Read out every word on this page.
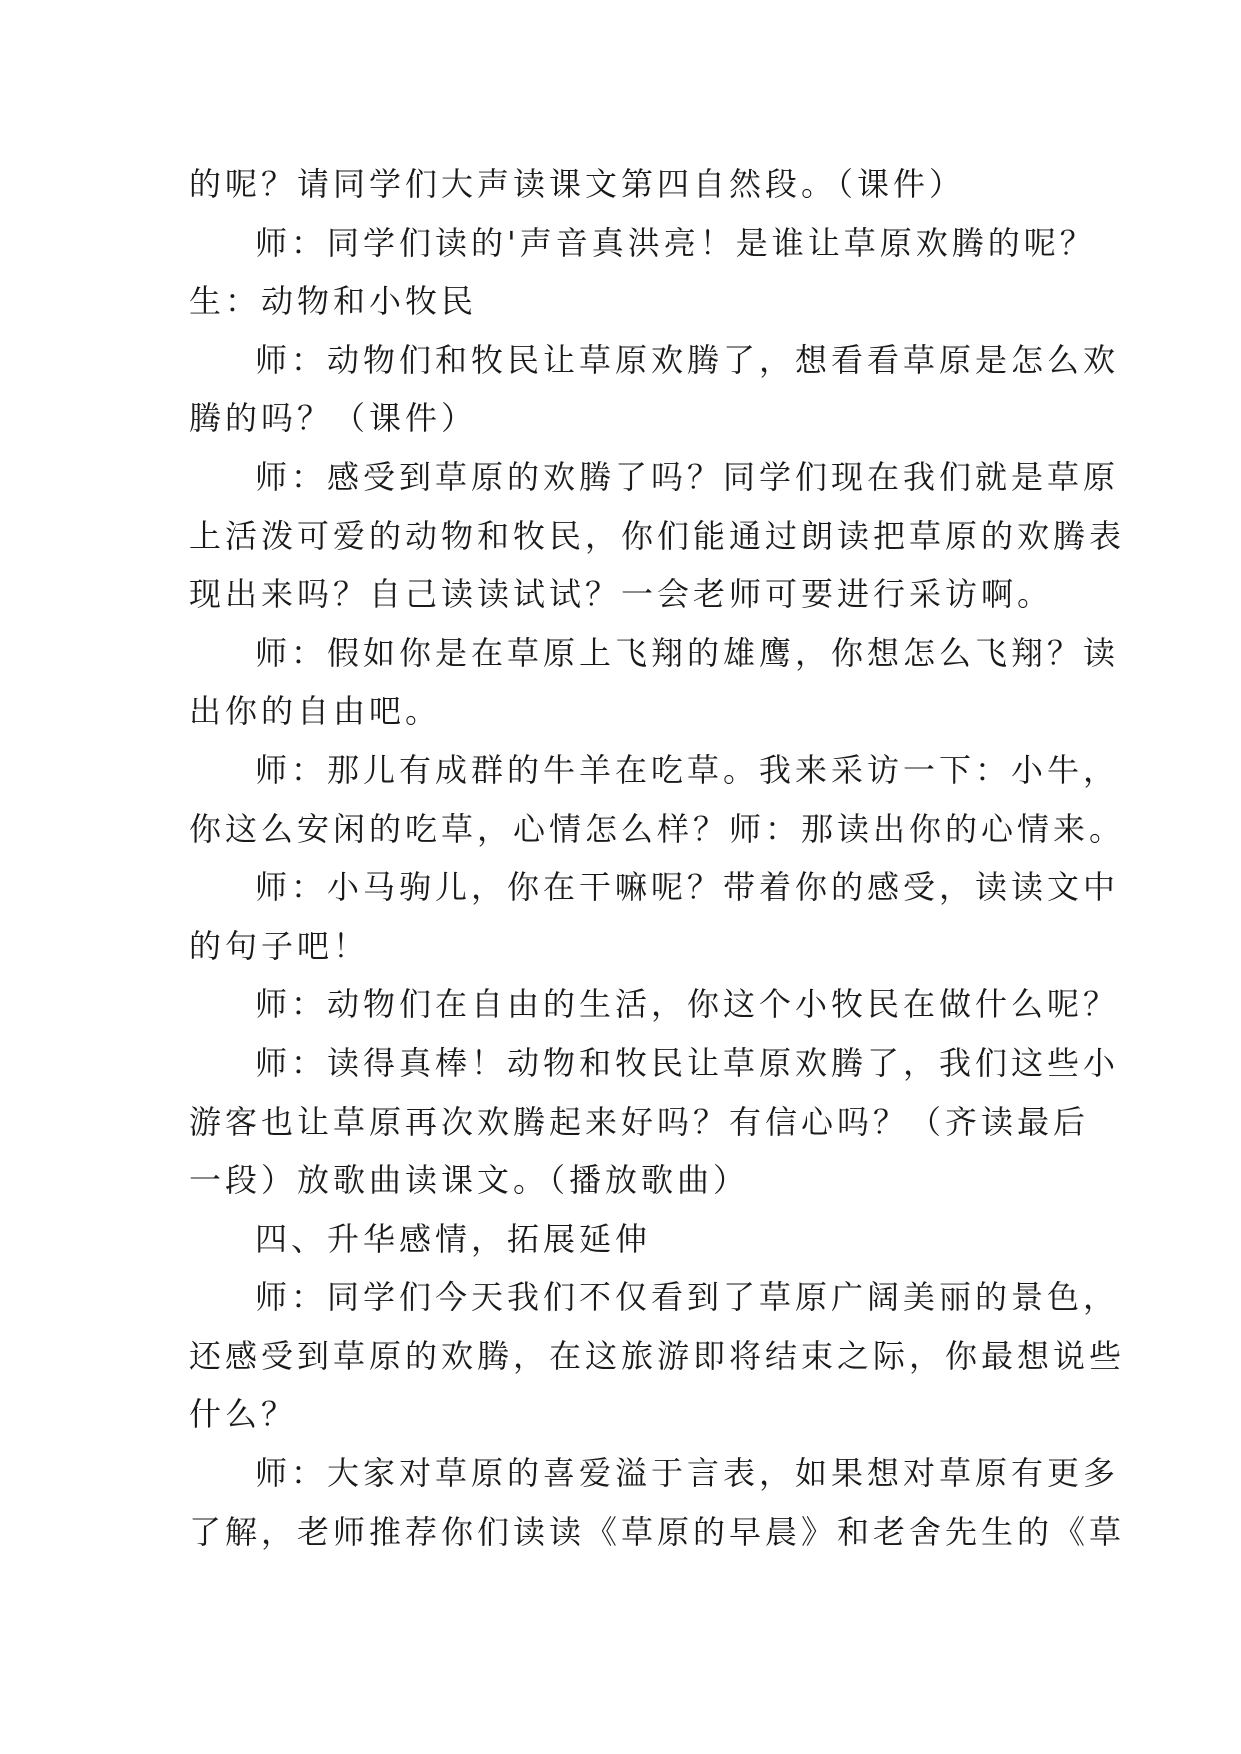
的呢？请同学们大声读课文第四自然段。（课件）
师：同学们读的'声音真洪亮！是谁让草原欢腾的呢？
生：动物和小牧民
师：动物们和牧民让草原欢腾了，想看看草原是怎么欢
腾的吗？（课件）
师：感受到草原的欢腾了吗？同学们现在我们就是草原
上活泼可爱的动物和牧民，你们能通过朗读把草原的欢腾表
现出来吗？自己读读试试？一会老师可要进行采访啊。
师：假如你是在草原上飞翔的雄鹰，你想怎么飞翔？读
出你的自由吧。
师：那儿有成群的牛羊在吃草。我来采访一下：小牛，
你这么安闲的吃草，心情怎么样？师：那读出你的心情来。
师：小马驹儿，你在干嘛呢？带着你的感受，读读文中
的句子吧！
师：动物们在自由的生活，你这个小牧民在做什么呢？
师：读得真棒！动物和牧民让草原欢腾了，我们这些小
游客也让草原再次欢腾起来好吗？有信心吗？（齐读最后
一段）放歌曲读课文。（播放歌曲）
四、升华感情，拓展延伸
师：同学们今天我们不仅看到了草原广阔美丽的景色，
还感受到草原的欢腾，在这旅游即将结束之际，你最想说些
什么？
师：大家对草原的喜爱溢于言表，如果想对草原有更多
了解，老师推荐你们读读《草原的早晨》和老舍先生的《草
